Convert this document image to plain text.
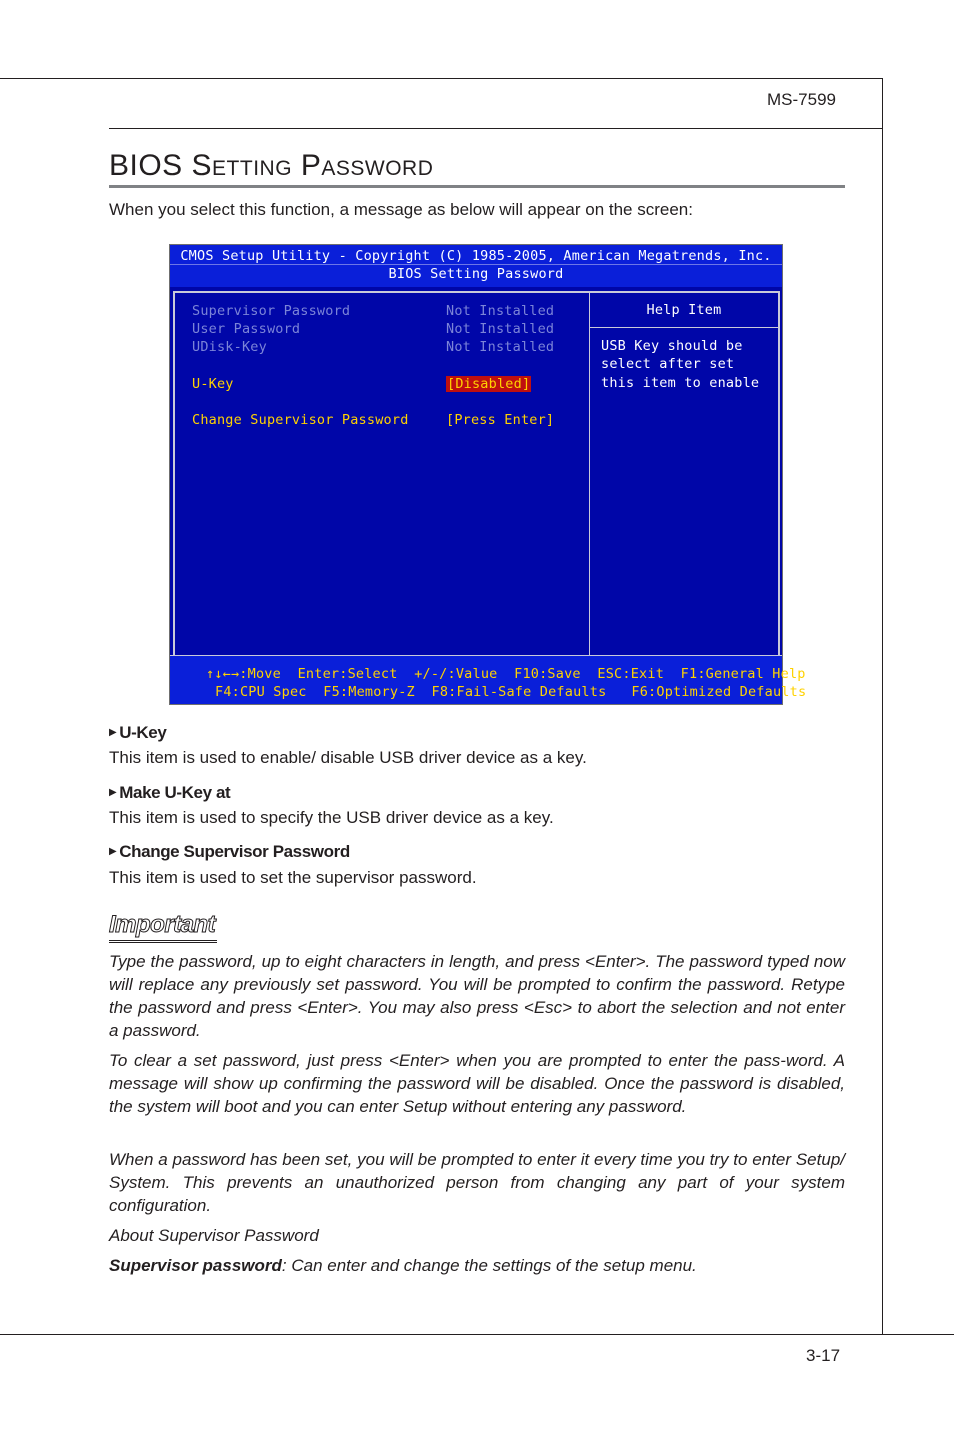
MS-7599
3-17
BIOS Setting Password
When you select this function, a message as below will appear on the screen:
CMOS Setup Utility - Copyright (C) 1985-2005, American Megatrends, Inc.
BIOS Setting Password
Supervisor Password	Not Installed
User Password	Not Installed
UDisk-Key	Not Installed
U-Key	[Disabled]
Change Supervisor Password	[Press Enter]
Help Item
USB Key should be
select after set
this item to enable
↑↓←→:Move  Enter:Select  +/-/:Value  F10:Save  ESC:Exit  F1:General Help
F4:CPU Spec  F5:Memory-Z  F8:Fail-Safe Defaults   F6:Optimized Defaults
▶ U-Key
This item is used to enable/ disable USB driver device as a key.
▶ Make U-Key at
This item is used to specify the USB driver device as a key.
▶ Change Supervisor Password
This item is used to set the supervisor password.
Important
Type the password, up to eight characters in length, and press <Enter>. The password typed now will replace any previously set password. You will be prompted to confirm the password. Retype the password and press <Enter>. You may also press <Esc> to abort the selection and not enter a password.
To clear a set password, just press <Enter> when you are prompted to enter the pass-word. A message will show up confirming the password will be disabled. Once the password is disabled, the system will boot and you can enter Setup without entering any password.
When a password has been set, you will be prompted to enter it every time you try to enter Setup/ System. This prevents an unauthorized person from changing any part of your system configuration.
About Supervisor Password
Supervisor password: Can enter and change the settings of the setup menu.
